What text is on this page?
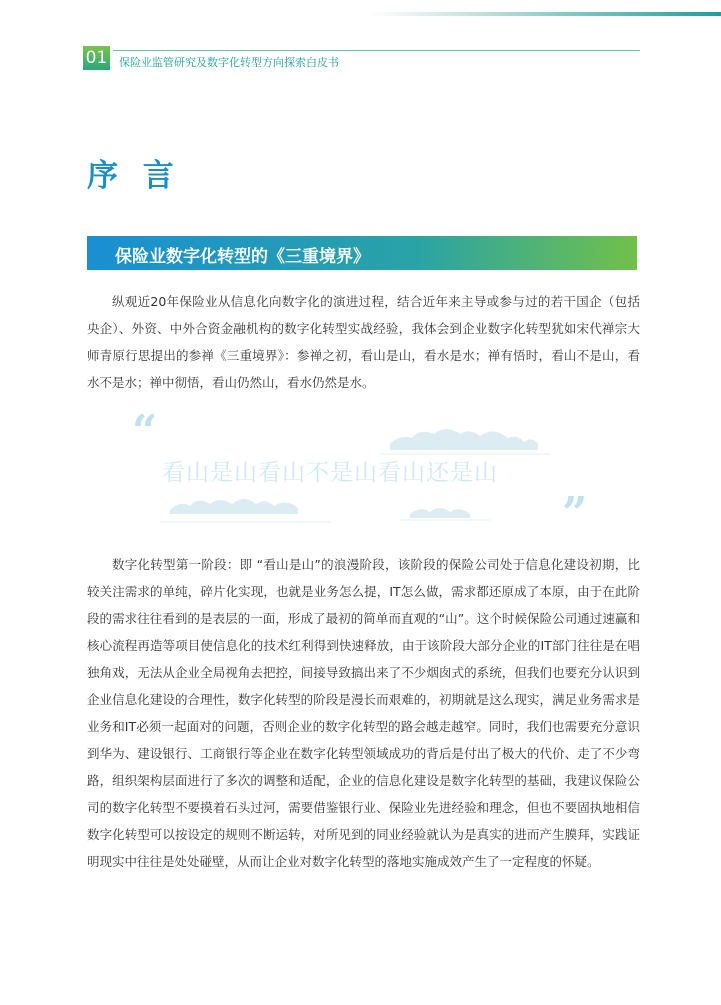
01 保险业监管研究及数字化转型方向探索白皮书
序 言
保险业数字化转型的《三重境界》

纵观近20年保险业从信息化向数字化的演进过程，结合近年来主导或参与过的若干国企（包括央企）、外资、中外合资金融机构的数字化转型实战经验，我体会到企业数字化转型犹如宋代禅宗大师青原行思提出的参禅《三重境界》：参禅之初，看山是山，看水是水；禅有悟时，看山不是山，看水不是水；禅中彻悟，看山仍然山，看水仍然是水。

“
看山是山看山不是山看山还是山
”

数字化转型第一阶段：即 “看山是山”的浪漫阶段，该阶段的保险公司处于信息化建设初期，比较关注需求的单纯，碎片化实现，也就是业务怎么提，IT怎么做，需求都还原成了本原，由于在此阶段的需求往往看到的是表层的一面，形成了最初的简单而直观的“山”。这个时候保险公司通过速赢和核心流程再造等项目使信息化的技术红利得到快速释放，由于该阶段大部分企业的IT部门往往是在唱独角戏，无法从企业全局视角去把控，间接导致搞出来了不少烟囱式的系统，但我们也要充分认识到企业信息化建设的合理性，数字化转型的阶段是漫长而艰难的，初期就是这么现实，满足业务需求是业务和IT必须一起面对的问题，否则企业的数字化转型的路会越走越窄。同时，我们也需要充分意识到华为、建设银行、工商银行等企业在数字化转型领域成功的背后是付出了极大的代价、走了不少弯路，组织架构层面进行了多次的调整和适配，企业的信息化建设是数字化转型的基础，我建议保险公司的数字化转型不要摸着石头过河，需要借鉴银行业、保险业先进经验和理念，但也不要固执地相信数字化转型可以按设定的规则不断运转，对所见到的同业经验就认为是真实的进而产生膜拜，实践证明现实中往往是处处碰壁，从而让企业对数字化转型的落地实施成效产生了一定程度的怀疑。
